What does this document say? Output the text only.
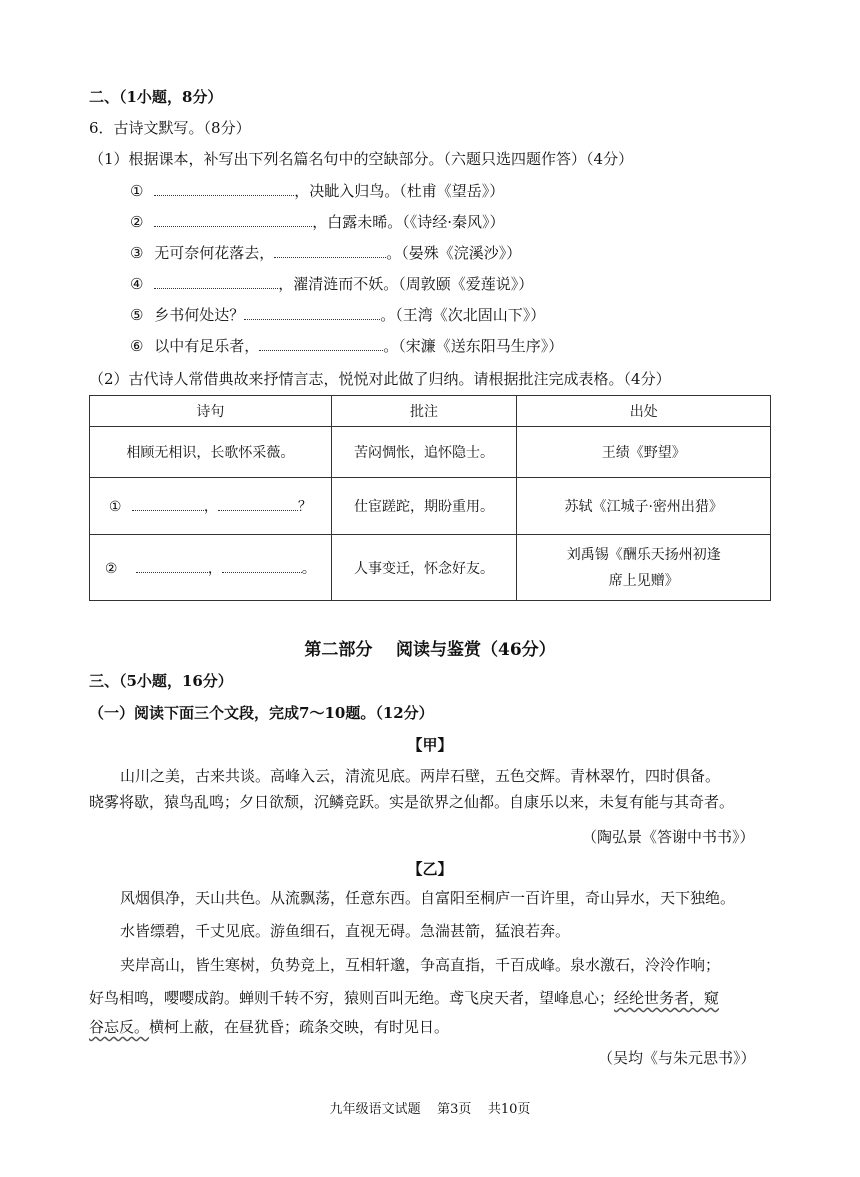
二、（1小题，8分）
6．古诗文默写。（8分）
（1）根据课本，补写出下列名篇名句中的空缺部分。（六题只选四题作答）（4分）
①	，决眦入归鸟。（杜甫《望岳》）
②	，白露未晞。（《诗经·秦风》）
③ 无可奈何花落去，	。（晏殊《浣溪沙》）
④	，濯清涟而不妖。（周敦颐《爱莲说》）
⑤ 乡书何处达？	。（王湾《次北固山下》）
⑥ 以中有足乐者，	。（宋濂《送东阳马生序》）
（2）古代诗人常借典故来抒情言志，悦悦对此做了归纳。请根据批注完成表格。（4分）
诗句	批注	出处
相顾无相识，长歌怀采薇。	苦闷惆怅，追怀隐士。	王绩《野望》
① ， ？	仕宦蹉跎，期盼重用。	苏轼《江城子·密州出猎》
② ， 。	人事变迁，怀念好友。	刘禹锡《酬乐天扬州初逢
席上见赠》
第二部分    阅读与鉴赏（46分）
三、（5小题，16分）
（一）阅读下面三个文段，完成7～10题。（12分）
【甲】
山川之美，古来共谈。高峰入云，清流见底。两岸石壁，五色交辉。青林翠竹，四时俱备。
晓雾将歇，猿鸟乱鸣；夕日欲颓，沉鳞竞跃。实是欲界之仙都。自康乐以来，未复有能与其奇者。
（陶弘景《答谢中书书》）
【乙】
风烟俱净，天山共色。从流飘荡，任意东西。自富阳至桐庐一百许里，奇山异水，天下独绝。
水皆缥碧，千丈见底。游鱼细石，直视无碍。急湍甚箭，猛浪若奔。
夹岸高山，皆生寒树，负势竞上，互相轩邈，争高直指，千百成峰。泉水激石，泠泠作响；
好鸟相鸣，嘤嘤成韵。蝉则千转不穷，猿则百叫无绝。鸢飞戾天者，望峰息心；经纶世务者，窥
谷忘反。横柯上蔽，在昼犹昏；疏条交映，有时见日。
（吴均《与朱元思书》）
九年级语文试题    第3页    共10页
